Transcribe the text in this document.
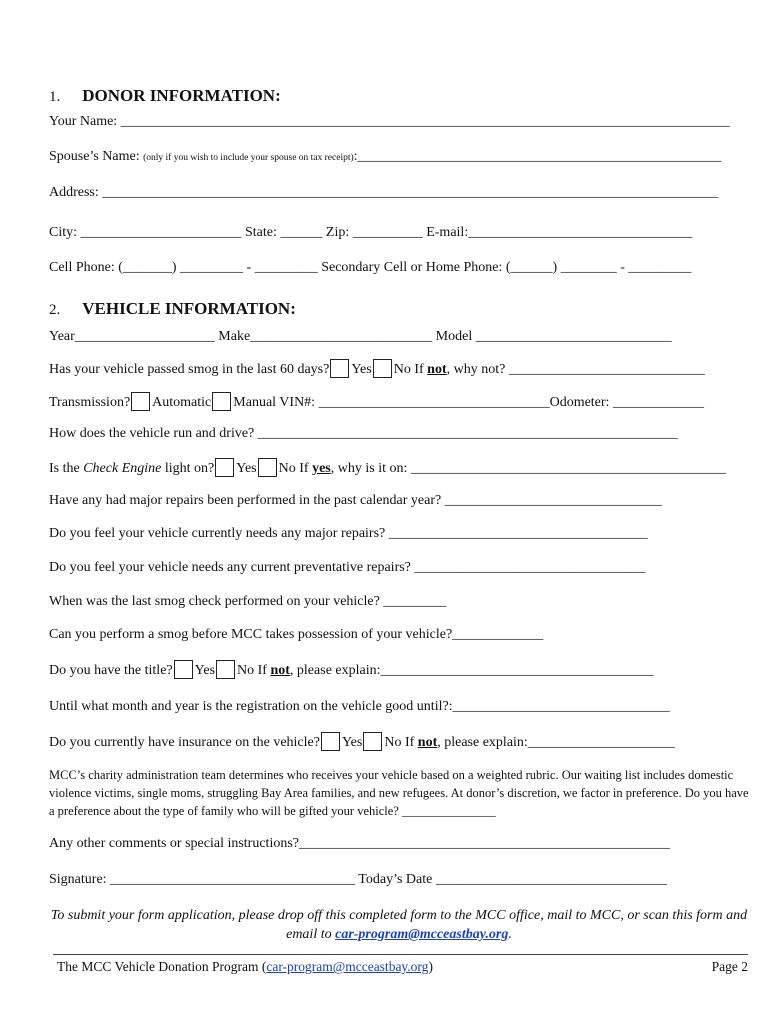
1. DONOR INFORMATION:
Your Name: _______________________________________________________________________________________
Spouse’s Name: (only if you wish to include your spouse on tax receipt):____________________________________________________
Address: ________________________________________________________________________________________
City: _______________________ State: ______ Zip: __________ E-mail:________________________________
Cell Phone: (_______) _________ - _________ Secondary Cell or Home Phone: (______) ________ - _________
2. VEHICLE INFORMATION:
Year____________________ Make__________________________ Model ____________________________
Has your vehicle passed smog in the last 60 days? Yes No If not, why not? ____________________________
Transmission? Automatic Manual VIN#: _________________________________Odometer: _____________
How does the vehicle run and drive? ____________________________________________________________
Is the Check Engine light on? Yes No If yes, why is it on: _____________________________________________
Have any had major repairs been performed in the past calendar year? _______________________________
Do you feel your vehicle currently needs any major repairs? _____________________________________
Do you feel your vehicle needs any current preventative repairs? _________________________________
When was the last smog check performed on your vehicle? _________
Can you perform a smog before MCC takes possession of your vehicle?_____________
Do you have the title? Yes No If not, please explain:_______________________________________
Until what month and year is the registration on the vehicle good until?:_______________________________
Do you currently have insurance on the vehicle? Yes No If not, please explain:_____________________
MCC’s charity administration team determines who receives your vehicle based on a weighted rubric. Our waiting list includes domestic violence victims, single moms, struggling Bay Area families, and new refugees. At donor’s discretion, we factor in preference. Do you have a preference about the type of family who will be gifted your vehicle? _______________
Any other comments or special instructions?_____________________________________________________
Signature: ___________________________________ Today’s Date _________________________________
To submit your form application, please drop off this completed form to the MCC office, mail to MCC, or scan this form and email to car-program@mcceastbay.org.
The MCC Vehicle Donation Program (car-program@mcceastbay.org)	Page 2
